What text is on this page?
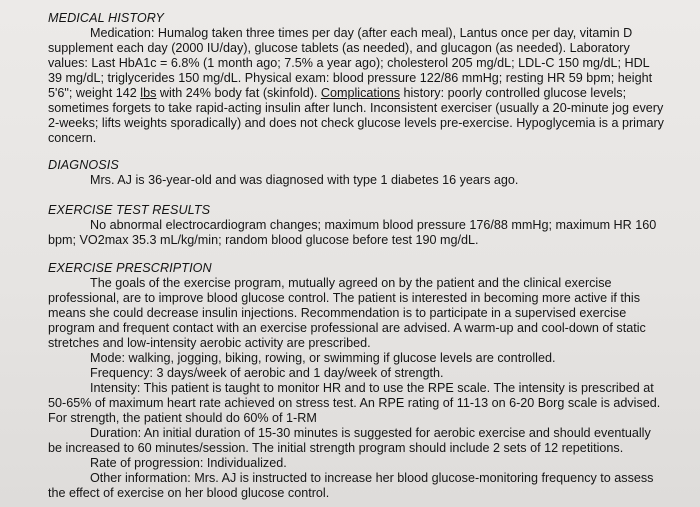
MEDICAL HISTORY
Medication: Humalog taken three times per day (after each meal), Lantus once per day, vitamin D
supplement each day (2000 IU/day), glucose tablets (as needed), and glucagon (as needed). Laboratory
values: Last HbA1c = 6.8% (1 month ago; 7.5% a year ago); cholesterol 205 mg/dL; LDL-C 150 mg/dL; HDL
39 mg/dL; triglycerides 150 mg/dL. Physical exam: blood pressure 122/86 mmHg; resting HR 59 bpm; height
5'6"; weight 142 lbs with 24% body fat (skinfold). Complications history: poorly controlled glucose levels;
sometimes forgets to take rapid-acting insulin after lunch. Inconsistent exerciser (usually a 20-minute jog every
2-weeks; lifts weights sporadically) and does not check glucose levels pre-exercise. Hypoglycemia is a primary
concern.
DIAGNOSIS
Mrs. AJ is 36-year-old and was diagnosed with type 1 diabetes 16 years ago.
EXERCISE TEST RESULTS
No abnormal electrocardiogram changes; maximum blood pressure 176/88 mmHg; maximum HR 160
bpm; VO2max 35.3 mL/kg/min; random blood glucose before test 190 mg/dL.
EXERCISE PRESCRIPTION
The goals of the exercise program, mutually agreed on by the patient and the clinical exercise
professional, are to improve blood glucose control. The patient is interested in becoming more active if this
means she could decrease insulin injections. Recommendation is to participate in a supervised exercise
program and frequent contact with an exercise professional are advised. A warm-up and cool-down of static
stretches and low-intensity aerobic activity are prescribed.
Mode: walking, jogging, biking, rowing, or swimming if glucose levels are controlled.
Frequency: 3 days/week of aerobic and 1 day/week of strength.
Intensity: This patient is taught to monitor HR and to use the RPE scale. The intensity is prescribed at
50-65% of maximum heart rate achieved on stress test. An RPE rating of 11-13 on 6-20 Borg scale is advised.
For strength, the patient should do 60% of 1-RM
Duration: An initial duration of 15-30 minutes is suggested for aerobic exercise and should eventually
be increased to 60 minutes/session. The initial strength program should include 2 sets of 12 repetitions.
Rate of progression: Individualized.
Other information: Mrs. AJ is instructed to increase her blood glucose-monitoring frequency to assess
the effect of exercise on her blood glucose control.
